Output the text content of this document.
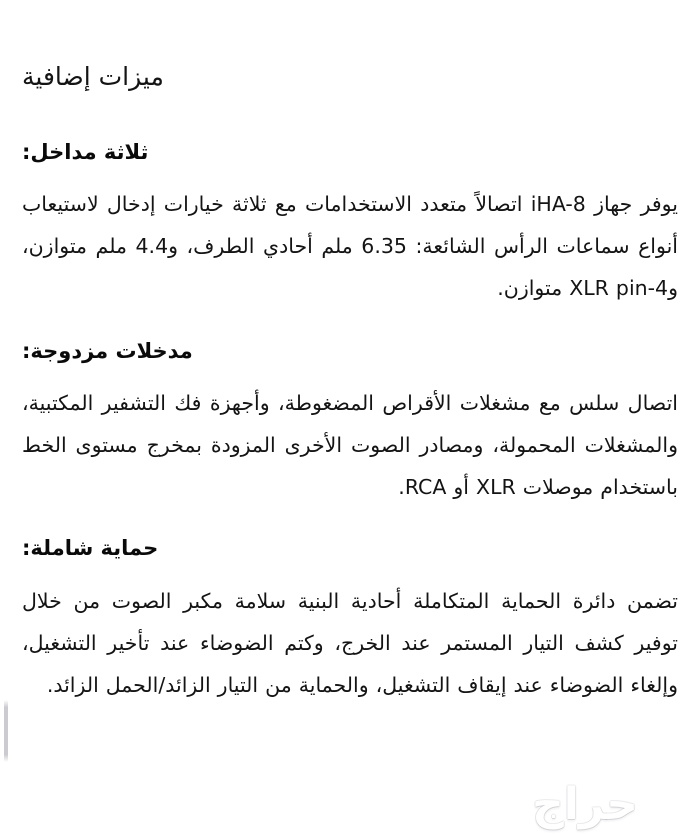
ميزات إضافية
ثلاثة مداخل:

يوفر جهاز iHA-8 اتصالاً متعدد الاستخدامات مع ثلاثة خيارات إدخال لاستيعاب أنواع سماعات الرأس الشائعة: 6.35 ملم أحادي الطرف، و4.4 ملم متوازن، و4-XLR pin متوازن.

مدخلات مزدوجة:

اتصال سلس مع مشغلات الأقراص المضغوطة، وأجهزة فك التشفير المكتبية، والمشغلات المحمولة، ومصادر الصوت الأخرى المزودة بمخرج مستوى الخط باستخدام موصلات XLR أو RCA.

حماية شاملة:

تضمن دائرة الحماية المتكاملة أحادية البنية سلامة مكبر الصوت من خلال توفير كشف التيار المستمر عند الخرج، وكتم الضوضاء عند تأخير التشغيل، وإلغاء الضوضاء عند إيقاف التشغيل، والحماية من التيار الزائد/الحمل الزائد.

حراج
